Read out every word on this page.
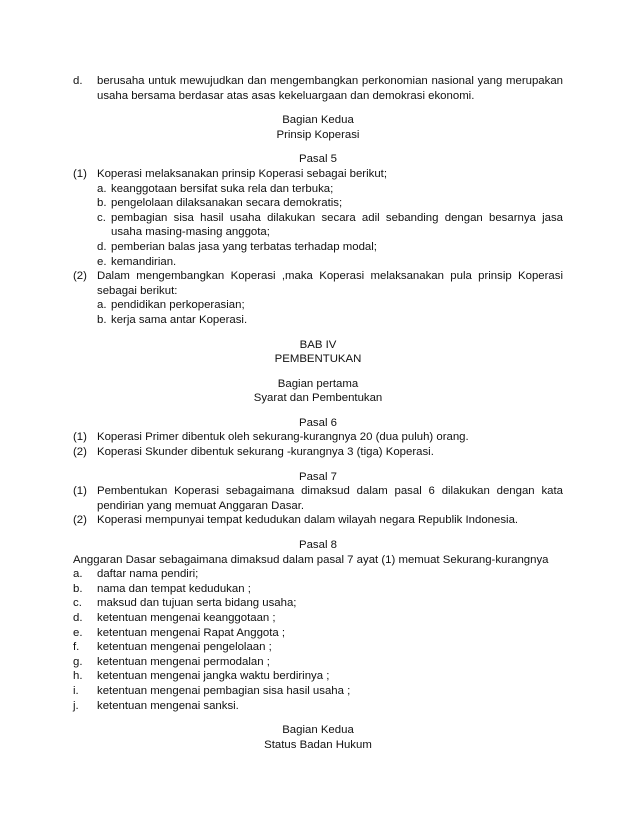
d.	berusaha untuk mewujudkan dan mengembangkan perkonomian nasional yang merupakan usaha bersama berdasar atas asas kekeluargaan dan demokrasi ekonomi.
Bagian Kedua
Prinsip Koperasi
Pasal 5
(1) Koperasi melaksanakan prinsip Koperasi sebagai berikut;
a. keanggotaan bersifat suka rela dan terbuka;
b. pengelolaan dilaksanakan secara demokratis;
c. pembagian sisa hasil usaha dilakukan secara adil sebanding dengan besarnya jasa usaha masing-masing anggota;
d. pemberian balas jasa yang terbatas terhadap modal;
e. kemandirian.
(2) Dalam mengembangkan Koperasi ,maka Koperasi melaksanakan pula prinsip Koperasi sebagai berikut:
a. pendidikan perkoperasian;
b. kerja sama antar Koperasi.
BAB IV
PEMBENTUKAN
Bagian pertama
Syarat dan Pembentukan
Pasal 6
(1) Koperasi Primer dibentuk oleh sekurang-kurangnya 20 (dua puluh) orang.
(2) Koperasi Skunder dibentuk sekurang -kurangnya 3 (tiga) Koperasi.
Pasal 7
(1) Pembentukan Koperasi sebagaimana dimaksud dalam pasal 6 dilakukan dengan kata pendirian yang memuat Anggaran Dasar.
(2) Koperasi mempunyai tempat kedudukan dalam wilayah negara Republik Indonesia.
Pasal 8
Anggaran Dasar sebagaimana dimaksud dalam pasal 7 ayat (1) memuat Sekurang-kurangnya
a.	daftar nama pendiri;
b.	nama dan tempat kedudukan ;
c.	maksud dan tujuan serta bidang usaha;
d.	ketentuan mengenai keanggotaan ;
e.	ketentuan mengenai Rapat Anggota ;
f.	ketentuan mengenai pengelolaan ;
g.	ketentuan mengenai permodalan ;
h.	ketentuan mengenai jangka waktu berdirinya ;
i.	ketentuan mengenai pembagian sisa hasil usaha ;
j.	ketentuan mengenai sanksi.
Bagian Kedua
Status Badan Hukum
